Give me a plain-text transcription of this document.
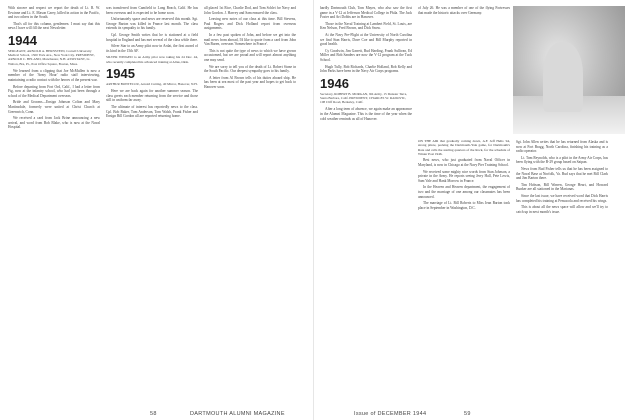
With sincere and respect we report the death of Lt. R. W. Erwinne and Lt. E. Mason Carey, killed in action in the Pacific, and two others in the South.

That's all for this column, gentlemen. I must say that this news I have will fill the next Newsletter.

1944
SERGEANT, ARNOLD A. BERNSTEIN, Cornell University Medical School, 1300 York Ave., New York City. PRESIDENT, ARNOLD C. BELAND, Manchester, N.H. ASSISTANT, Lt. Walton, Bra, Pr., Post Office Square, Boston, Mass.

We learned from a clipping that Joe McMullen is now a member of the 'Army Hour' radio staff interviewing, maintaining a radio contact with the heroes of the present war.

Before departing from Fort Ord, Calif., I had a letter from Fig, now at the infantry school, who had just been through a school of the Medical Department overseas.

Bride and Grooms—Ensign Johnson Colton and Mary Martinsdale, formerly were united at Christ Church at Greenwich, Conn.

We received a card from Jack Brine announcing a new arrival, and word from Bob Blake, who is now at the Naval Hospital.

was transferred from Camfield to Long Beach, Calif. He has been overseas and is expected to be home soon.

Unfortunately space and news are reserved this month. Sgt. George Barton was killed in France last month. The class extends its sympathy to his family.

Cpl. George Smith writes that he is stationed at a field hospital in England and has met several of the class while there.

Silver Star to an Army pilot now in Ardat, the first award of its kind in the 15th AF.

SILVER WINGED to an Army pilot now taking his 24 Dec. 44, who recently completed his advanced training at Altus, Okla.

1945
ARTHUR BONTECOU, Arnold Cutting, 40 Mirror, Hanover, N.H.

Here we are back again for another summer season. The class greets each member returning from the service and those still in uniform far away.

The ultimate of interest has reportedly news to the class. Cpl. Bob Baker, Tom Anderson, Tom Walsh, Frank Fisher and Ensign Bill Gordon all are reported returning home.

all placed 1st Rice, Charlie Dod, and Tom Schlei for Navy and John Gordon. J. Harvey and Sam ensured the class.

Leaving new notes of our class at this time. Bill Stevens, Paul Rogers and Dick Holland report from overseas assignments.

In a few past spoken of John, and before we get into the mail news from abroad, I'd like to quote from a card from John Van Buren, overseas 'Somewhere in France'.

This is not quite the type of news to which we have grown accustomed, but we are proud and will report almost anything one may send.

We are sorry to tell you of the death of Lt. Robert Stone in the South Pacific. Our deepest sympathy goes to his family.

A letter from Al Brown tells of his duties aboard ship. He has been at sea most of the past year and hopes to get back to Hanover soon.

58	DARTMOUTH ALUMNI MAGAZINE

hardly Dartmouth Club, Tom Mayes, who also saw the first game in a V-12 at Jefferson Medical College in Phila. The Jack Foster and Art Dobbs are in Hanover.

Those in the Naval Training at Lambert Field, St. Louis, are Ken Nelson, Fred Brown, and Dick Snow.

At the Navy Pre-Flight at the University of North Carolina we find Stan Harris, Dave Coe and Bill Murphy reported in good health.

Cy Goodwin, Jim Garrett, Bud Harding, Frank Sullivan, Ed Miller and Bob Sanders are now the V-12 program at the Tuck School.

Hugh Tully, Bob Richards, Charlie Holland, Bob Kelly and John Parks have been in the Navy Air Corps programs.

1946
Secretary, ROBERT B. MORGAN, 9th Army, 15 Dunster Tarra, Santa Barbara, Calif. PRESIDENT, CHARLES W. RADOVIC, 108 Cliff Road, Berkeley, Calif.

After a long term of absence, we again make an appearance in the Alumni Magazine. This is the time of the year when the cold weather reminds us all of Hanover.

of July 26. He was a member of one of the flying Fortresses that made the historic attacks over Germany.

ON THE AIR that gradually coming down, A.F. Jeff Helis '44, strong pilote, packing the Dartmouth-Yale game, for Dartmouth's Rate and calls the starting quarters of the Rock, for the schedule of Winter Post 1946.

Best news, who just graduated from Naval Officer in Maryland, is now in Chicago at the Navy Pier Training School.

We received some mighty nice words from Stan Johnson, a private in the Army. He reports seeing Jerry Hall, Pete Lewis, Sam Vale and Hank Morrow in France.

In the Heaven and Heaven department, the engagement of two and the marriage of one among our classmates has been announced.

The marriage of Lt. Bill Roberts to Miss Jean Barton took place in September in Washington, D.C.

Sgt. John Allen writes that he has returned from Alaska and is now at Fort Bragg, North Carolina, finishing his training as a radio operator.

Lt. Tom Reynolds, who is a pilot in the Army Air Corps, has been flying with the B-29 group based on Saipan.

News from Bud Fisher tells us that he has been assigned to the Naval Base at Norfolk, Va. Bud says that he met Bill Clark and Jim Barton there.

Tim Hobson, Bill Warren, George Heart, and Howard Bunker are all stationed in the Marianas.

Since the last issue, we have received word that Dick Harris has completed his training at Pensacola and received his wings.

This is about all the news space will allow and we'll try to catch up in next month's issue.

Issue of DECEMBER 1944	59
